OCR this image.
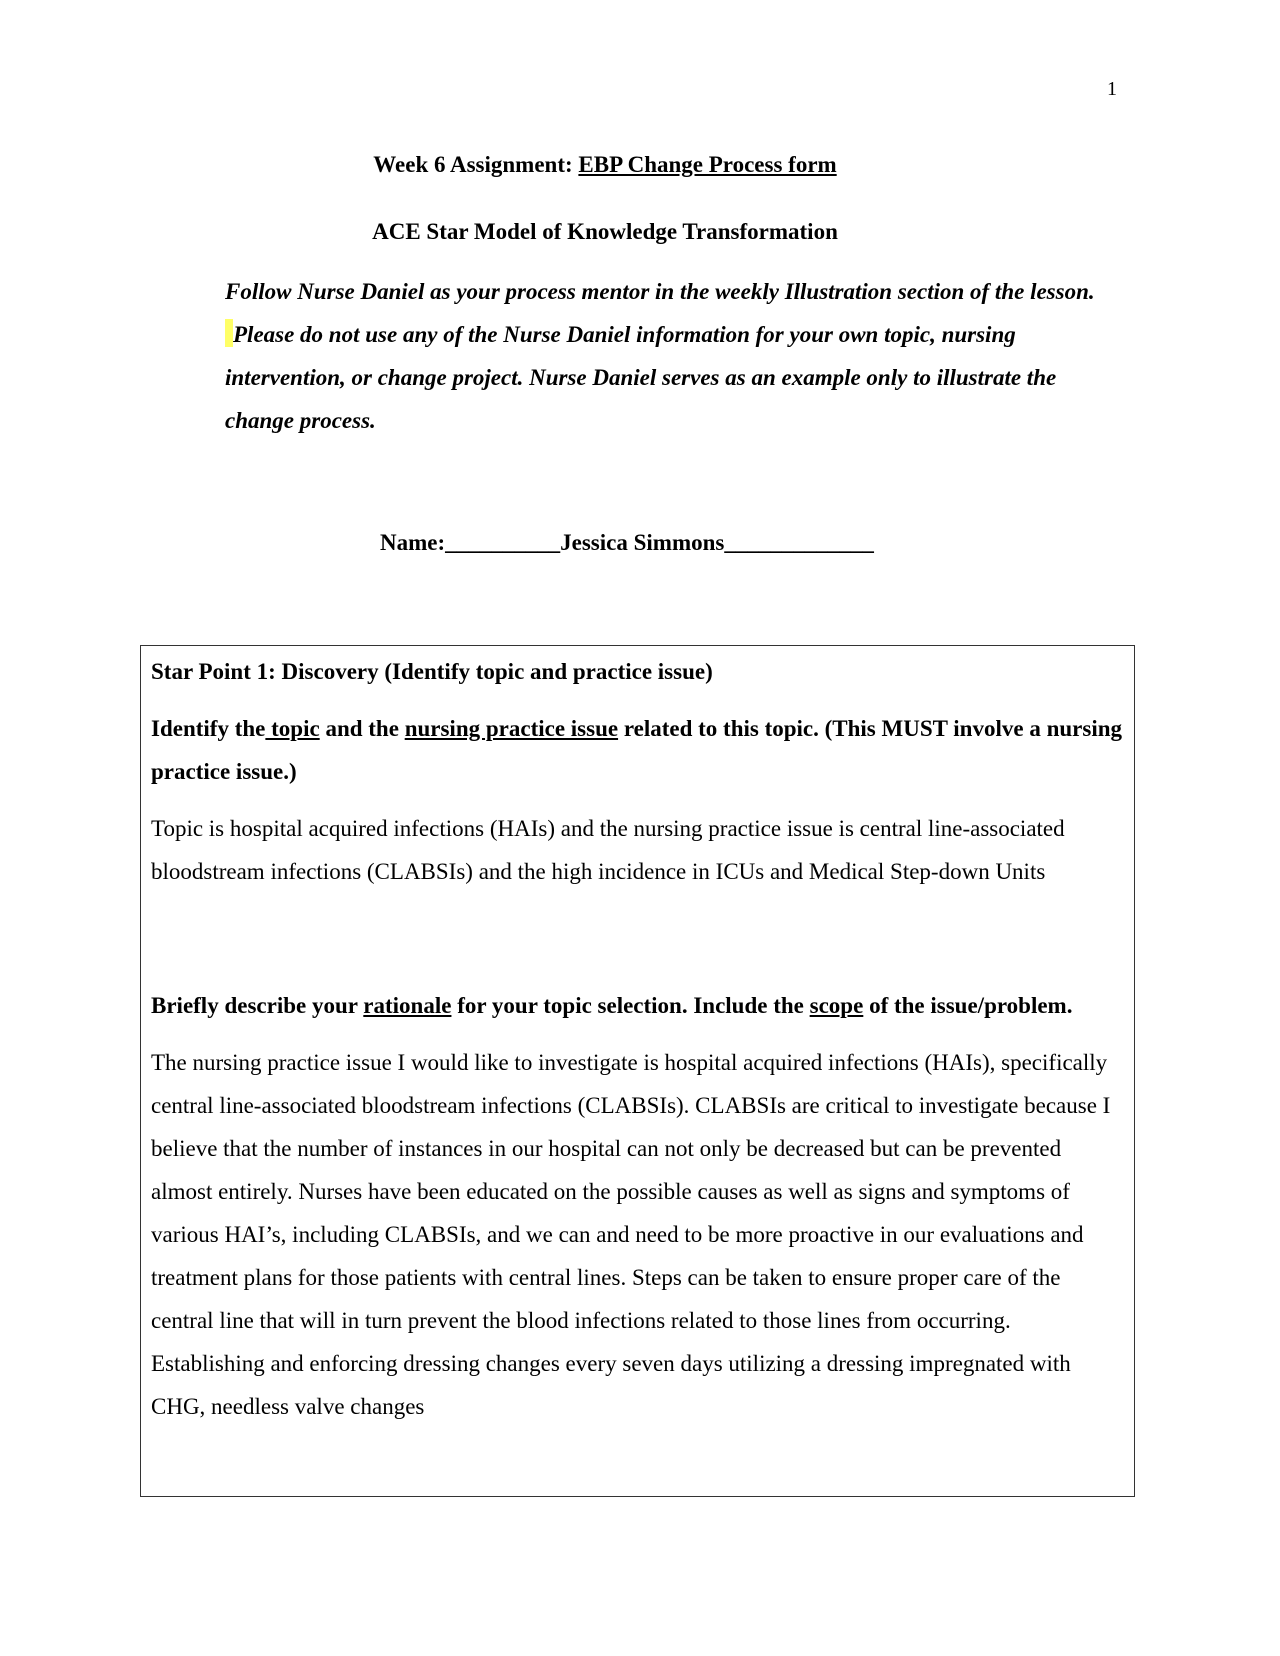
1
Week 6 Assignment: EBP Change Process form
ACE Star Model of Knowledge Transformation
Follow Nurse Daniel as your process mentor in the weekly Illustration section of the lesson. Please do not use any of the Nurse Daniel information for your own topic, nursing intervention, or change project. Nurse Daniel serves as an example only to illustrate the change process.
Name:__________Jessica Simmons_____________

Star Point 1: Discovery (Identify topic and practice issue)

Identify the topic and the nursing practice issue related to this topic. (This MUST involve a nursing practice issue.)

Topic is hospital acquired infections (HAIs) and the nursing practice issue is central line-associated bloodstream infections (CLABSIs) and the high incidence in ICUs and Medical Step-down Units

Briefly describe your rationale for your topic selection. Include the scope of the issue/problem.

The nursing practice issue I would like to investigate is hospital acquired infections (HAIs), specifically central line-associated bloodstream infections (CLABSIs). CLABSIs are critical to investigate because I believe that the number of instances in our hospital can not only be decreased but can be prevented almost entirely. Nurses have been educated on the possible causes as well as signs and symptoms of various HAI’s, including CLABSIs, and we can and need to be more proactive in our evaluations and treatment plans for those patients with central lines. Steps can be taken to ensure proper care of the central line that will in turn prevent the blood infections related to those lines from occurring. Establishing and enforcing dressing changes every seven days utilizing a dressing impregnated with CHG, needless valve changes
